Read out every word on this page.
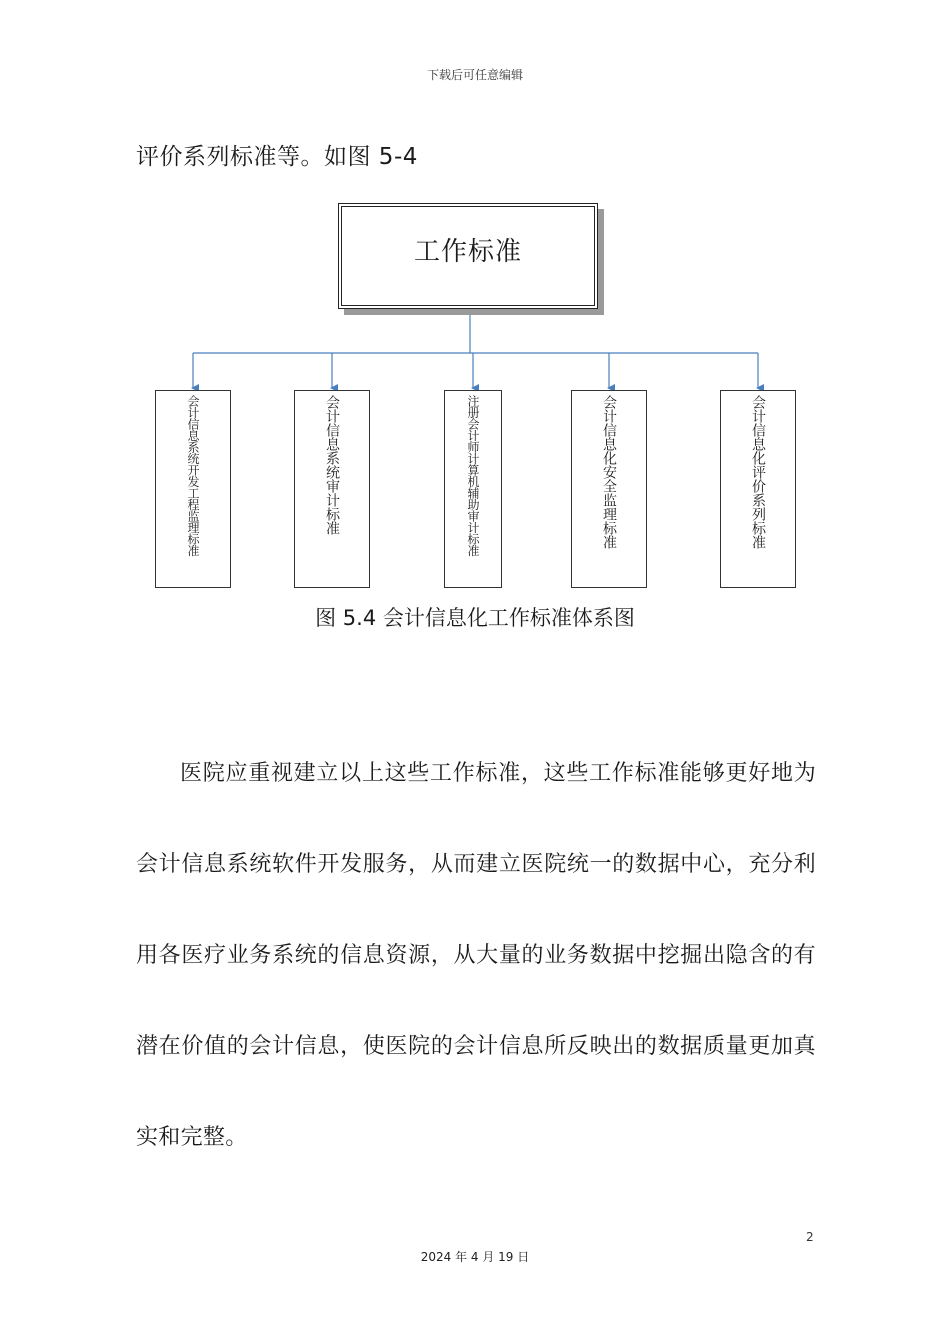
下载后可任意编辑
评价系列标准等。如图 5-4
工作标准
会计信息系统开发工程监理标准	会计信息系统审计标准	注册会计师计算机辅助审计标准	会计信息化安全监理标准	会计信息化评价系列标准
图 5.4 会计信息化工作标准体系图

医院应重视建立以上这些工作标准，这些工作标准能够更好地为会计信息系统软件开发服务，从而建立医院统一的数据中心，充分利用各医疗业务系统的信息资源，从大量的业务数据中挖掘出隐含的有潜在价值的会计信息，使医院的会计信息所反映出的数据质量更加真实和完整。

2
2024 年 4 月 19 日
